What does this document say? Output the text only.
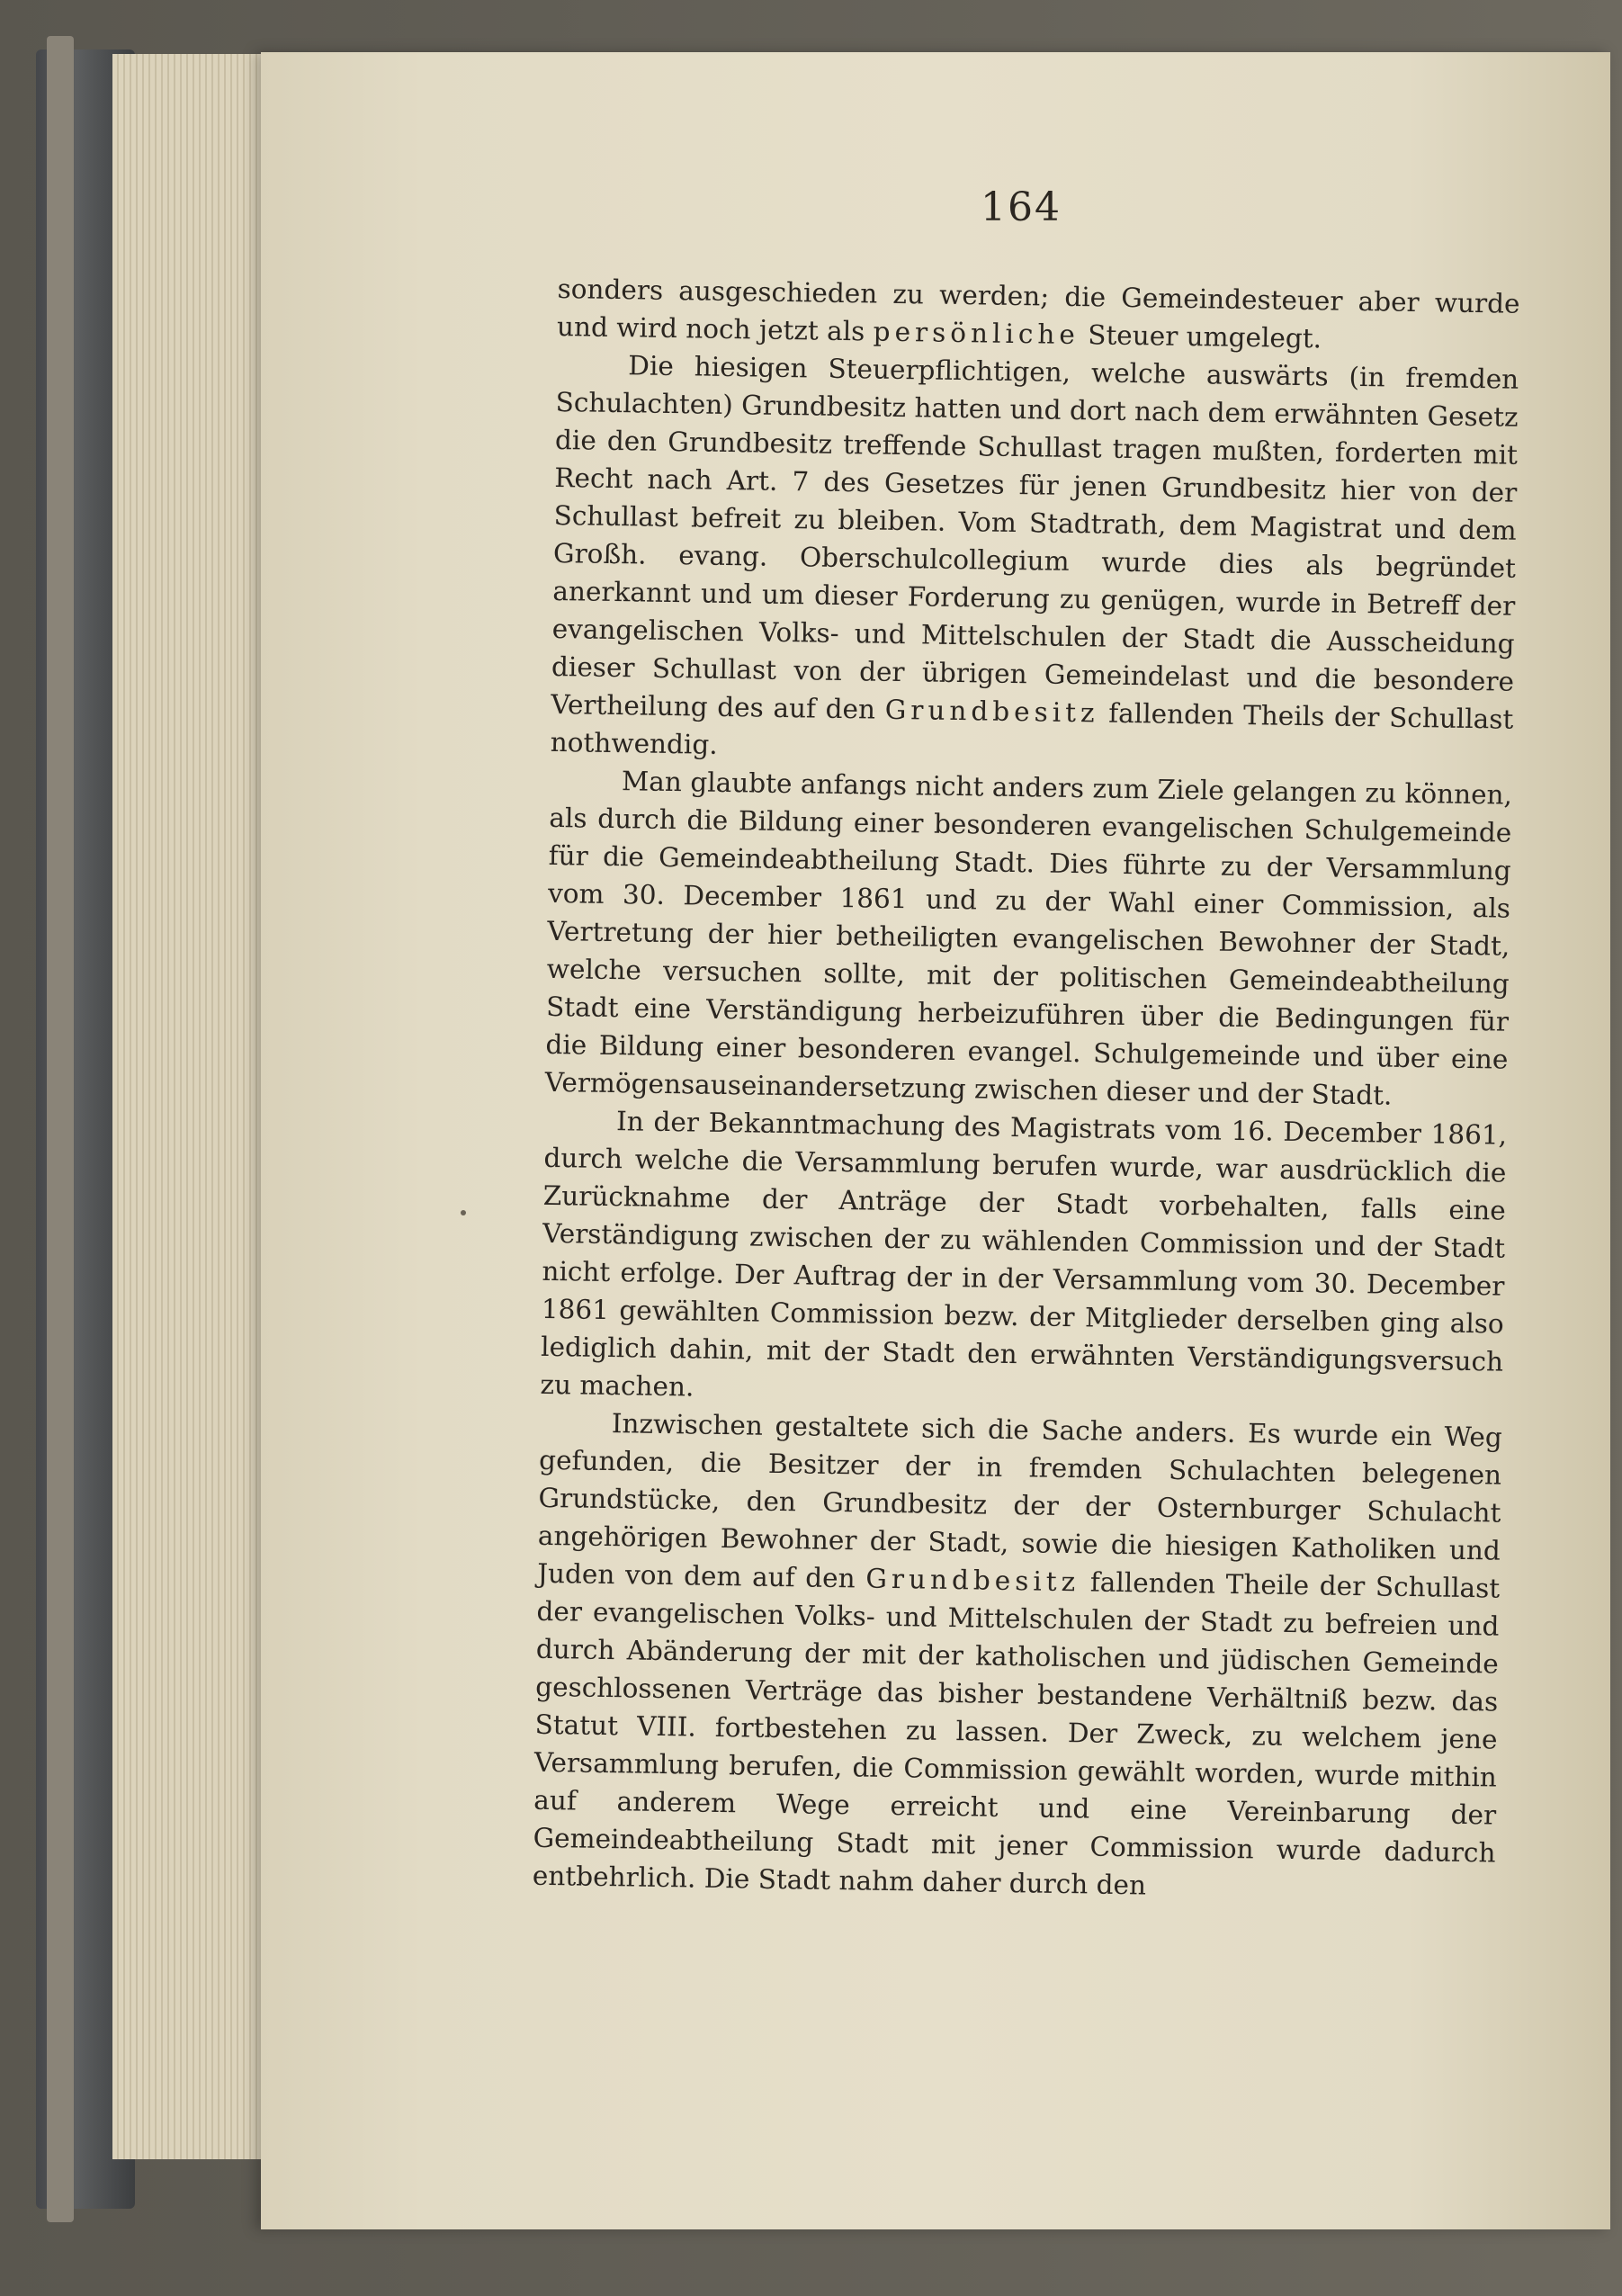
164

sonders ausgeschieden zu werden; die Gemeindesteuer aber wurde und wird noch jetzt als persönliche Steuer umgelegt.

Die hiesigen Steuerpflichtigen, welche auswärts (in fremden Schulachten) Grundbesitz hatten und dort nach dem erwähnten Gesetz die den Grundbesitz treffende Schullast tragen mußten, forderten mit Recht nach Art. 7 des Gesetzes für jenen Grundbesitz hier von der Schullast befreit zu bleiben. Vom Stadtrath, dem Magistrat und dem Großh. evang. Oberschulcollegium wurde dies als begründet anerkannt und um dieser Forderung zu genügen, wurde in Betreff der evangelischen Volks- und Mittelschulen der Stadt die Ausscheidung dieser Schullast von der übrigen Gemeindelast und die besondere Vertheilung des auf den Grundbesitz fallenden Theils der Schullast nothwendig.

Man glaubte anfangs nicht anders zum Ziele gelangen zu können, als durch die Bildung einer besonderen evangelischen Schulgemeinde für die Gemeindeabtheilung Stadt. Dies führte zu der Versammlung vom 30. December 1861 und zu der Wahl einer Commission, als Vertretung der hier betheiligten evangelischen Bewohner der Stadt, welche versuchen sollte, mit der politischen Gemeindeabtheilung Stadt eine Verständigung herbeizuführen über die Bedingungen für die Bildung einer besonderen evangel. Schulgemeinde und über eine Vermögensauseinandersetzung zwischen dieser und der Stadt.

In der Bekanntmachung des Magistrats vom 16. December 1861, durch welche die Versammlung berufen wurde, war ausdrücklich die Zurücknahme der Anträge der Stadt vorbehalten, falls eine Verständigung zwischen der zu wählenden Commission und der Stadt nicht erfolge. Der Auftrag der in der Versammlung vom 30. December 1861 gewählten Commission bezw. der Mitglieder derselben ging also lediglich dahin, mit der Stadt den erwähnten Verständigungsversuch zu machen.

Inzwischen gestaltete sich die Sache anders. Es wurde ein Weg gefunden, die Besitzer der in fremden Schulachten belegenen Grundstücke, den Grundbesitz der der Osternburger Schulacht angehörigen Bewohner der Stadt, sowie die hiesigen Katholiken und Juden von dem auf den Grundbesitz fallenden Theile der Schullast der evangelischen Volks- und Mittelschulen der Stadt zu befreien und durch Abänderung der mit der katholischen und jüdischen Gemeinde geschlossenen Verträge das bisher bestandene Verhältniß bezw. das Statut VIII. fortbestehen zu lassen. Der Zweck, zu welchem jene Versammlung berufen, die Commission gewählt worden, wurde mithin auf anderem Wege erreicht und eine Vereinbarung der Gemeindeabtheilung Stadt mit jener Commission wurde dadurch entbehrlich. Die Stadt nahm daher durch den
